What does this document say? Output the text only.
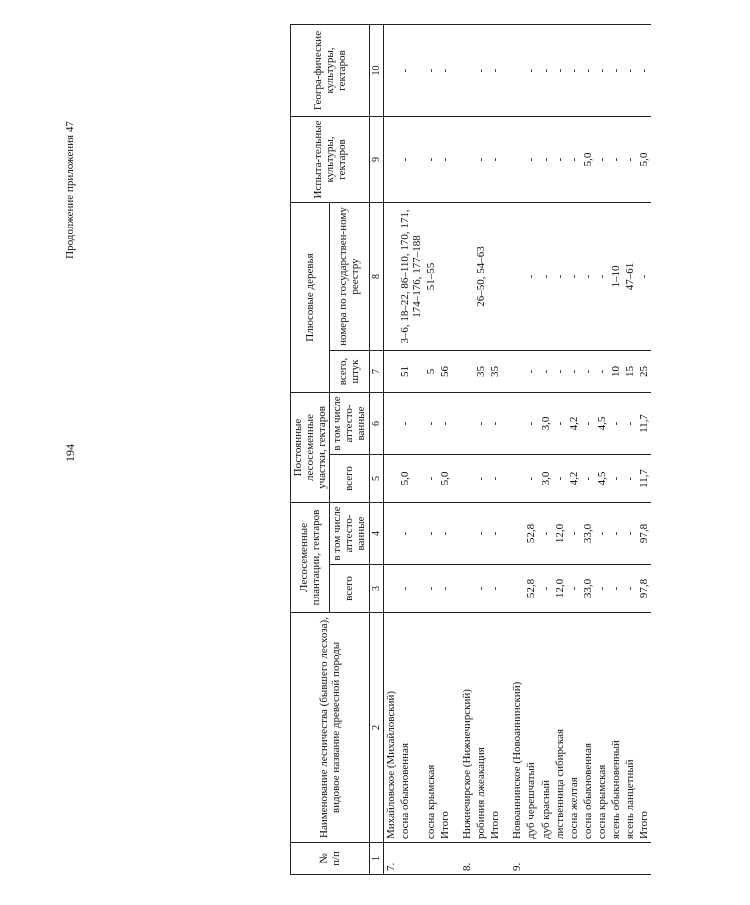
194
Продолжение приложения 47
№
п/п	Наименование лесничества (бывшего лесхоза), видовое название древесной породы	Лесосеменные плантации, гектаров		Постоянные лесосеменные участки, гектаров		Плюсовые деревья		Испыта-тельные культуры, гектаров	Геогра-фические культуры, гектаров
		всего	в том числе аттесто-ванные	всего	в том числе аттесто-ванные	всего, штук	номера по государствен-ному реестру		
1	2	3	4	5	6	7	8	9	10
7.	Михайловское (Михайловский)								
	сосна обыкновенная	-	-	5,0	-	51	3–6, 18–22, 86–110, 170, 171, 174–176, 177–188	-	-
	сосна крымская	-	-	-	-	5	51–55	-	-
	Итого	-	-	5,0	-	56		-	-

8.	Нижнечирское (Нижнечирский)								
	робиния лжеакация	-	-	-	-	35	26–50, 54–63	-	-
	Итого	-	-	-	-	35		-	-

9.	Новоаннинское (Новоаннинский)								
	дуб черешчатый	52,8	52,8	-	-	-	-	-	-
	дуб красный	-	-	3,0	3,0	-	-	-	-
	лиственница сибирская	12,0	12,0	-	-	-	-	-	-
	сосна желтая	-	-	4,2	4,2	-	-	-	-
	сосна обыкновенная	33,0	33,0	-	-	-	-	5,0	-
	сосна крымская	-	-	4,5	4,5	-	-	-	-
	ясень обыкновенный	-	-	-	-	10	1–10	-	-
	ясень ланцетный	-	-	-	-	15	47–61	-	-
	Итого	97,8	97,8	11,7	11,7	25	-	5,0	-
